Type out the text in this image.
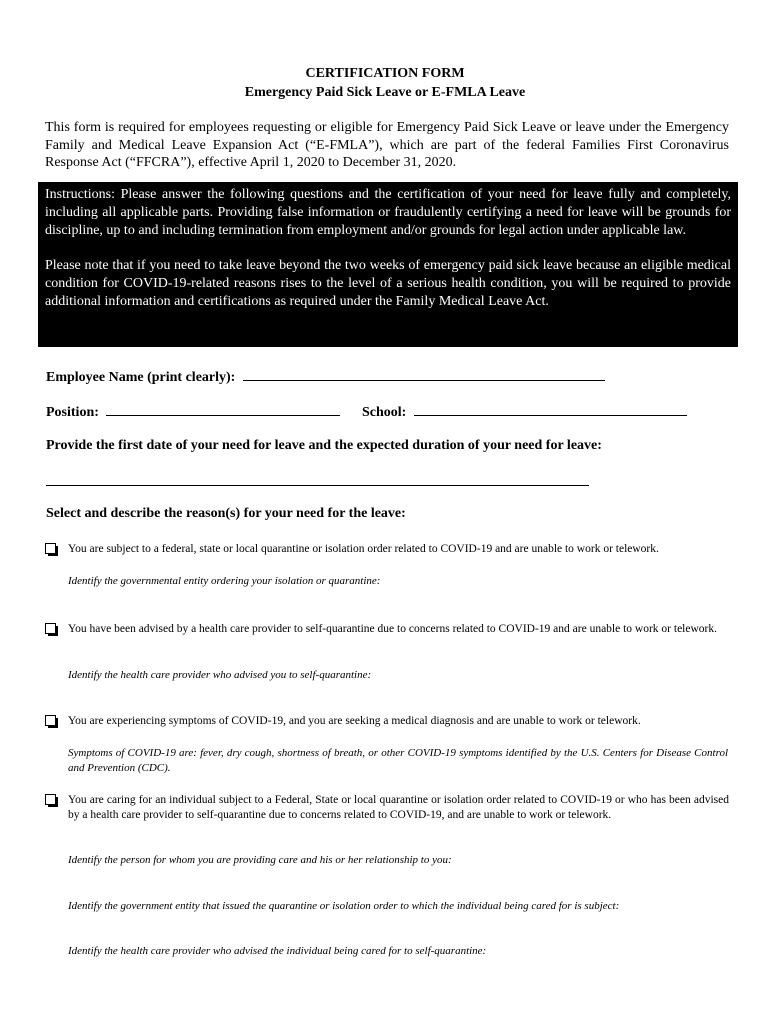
CERTIFICATION FORM
Emergency Paid Sick Leave or E-FMLA Leave
This form is required for employees requesting or eligible for Emergency Paid Sick Leave or leave under the Emergency Family and Medical Leave Expansion Act (“E-FMLA”), which are part of the federal Families First Coronavirus Response Act (“FFCRA”), effective April 1, 2020 to December 31, 2020.

Instructions: Please answer the following questions and the certification of your need for leave fully and completely, including all applicable parts. Providing false information or fraudulently certifying a need for leave will be grounds for discipline, up to and including termination from employment and/or grounds for legal action under applicable law.

Please note that if you need to take leave beyond the two weeks of emergency paid sick leave because an eligible medical condition for COVID-19-related reasons rises to the level of a serious health condition, you will be required to provide additional information and certifications as required under the Family Medical Leave Act.

Employee Name (print clearly):
Position:	School:
Provide the first date of your need for leave and the expected duration of your need for leave:
Select and describe the reason(s) for your need for the leave:
You are subject to a federal, state or local quarantine or isolation order related to COVID-19 and are unable to work or telework.
Identify the governmental entity ordering your isolation or quarantine:
You have been advised by a health care provider to self-quarantine due to concerns related to COVID-19 and are unable to work or telework.
Identify the health care provider who advised you to self-quarantine:
You are experiencing symptoms of COVID-19, and you are seeking a medical diagnosis and are unable to work or telework.
Symptoms of COVID-19 are: fever, dry cough, shortness of breath, or other COVID-19 symptoms identified by the U.S. Centers for Disease Control and Prevention (CDC).
You are caring for an individual subject to a Federal, State or local quarantine or isolation order related to COVID-19 or who has been advised by a health care provider to self-quarantine due to concerns related to COVID-19, and are unable to work or telework.
Identify the person for whom you are providing care and his or her relationship to you:
Identify the government entity that issued the quarantine or isolation order to which the individual being cared for is subject:
Identify the health care provider who advised the individual being cared for to self-quarantine:
